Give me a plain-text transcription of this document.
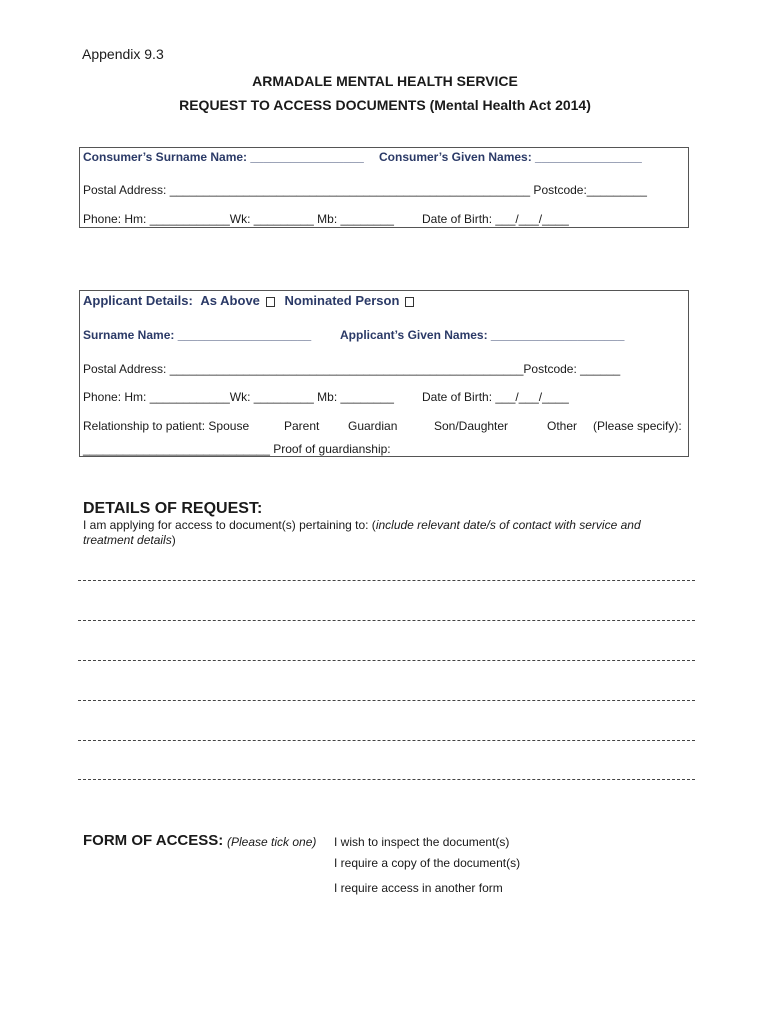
Appendix 9.3
ARMADALE MENTAL HEALTH SERVICE
REQUEST TO ACCESS DOCUMENTS (Mental Health Act 2014)
Consumer’s Surname Name: _________________ Consumer’s Given Names: ________________
Postal Address: ______________________________________________________ Postcode:_________
Phone: Hm: ____________Wk: _________ Mb: ________ Date of Birth: ___/___/____
Applicant Details: As Above Nominated Person
Surname Name: ____________________ Applicant’s Given Names: ____________________
Postal Address: _____________________________________________________Postcode: ______
Phone: Hm: ____________Wk: _________ Mb: ________ Date of Birth: ___/___/____
Relationship to patient: Spouse	Parent Guardian	Son/Daughter	Other (Please specify):
____________________________ Proof of guardianship:
DETAILS OF REQUEST:
I am applying for access to document(s) pertaining to: (include relevant date/s of contact with service and
treatment details)
FORM OF ACCESS: (Please tick one) I wish to inspect the document(s)
I require a copy of the document(s)
I require access in another form
